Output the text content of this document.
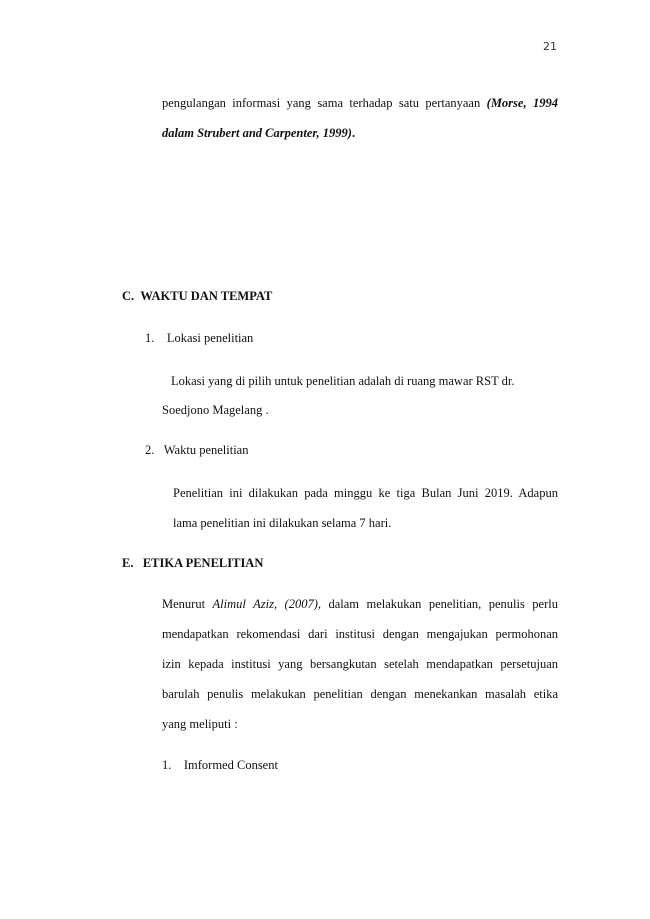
21
pengulangan informasi yang sama terhadap satu pertanyaan (Morse, 1994
dalam Strubert and Carpenter, 1999).
C. WAKTU DAN TEMPAT
1. Lokasi penelitian
Lokasi yang di pilih untuk penelitian adalah di ruang mawar RST dr.
Soedjono Magelang .
2. Waktu penelitian
Penelitian ini dilakukan pada minggu ke tiga Bulan Juni 2019. Adapun
lama penelitian ini dilakukan selama 7 hari.
E. ETIKA PENELITIAN
Menurut Alimul Aziz, (2007), dalam melakukan penelitian, penulis perlu
mendapatkan rekomendasi dari institusi dengan mengajukan permohonan
izin kepada institusi yang bersangkutan setelah mendapatkan persetujuan
barulah penulis melakukan penelitian dengan menekankan masalah etika
yang meliputi :
1. Imformed Consent
